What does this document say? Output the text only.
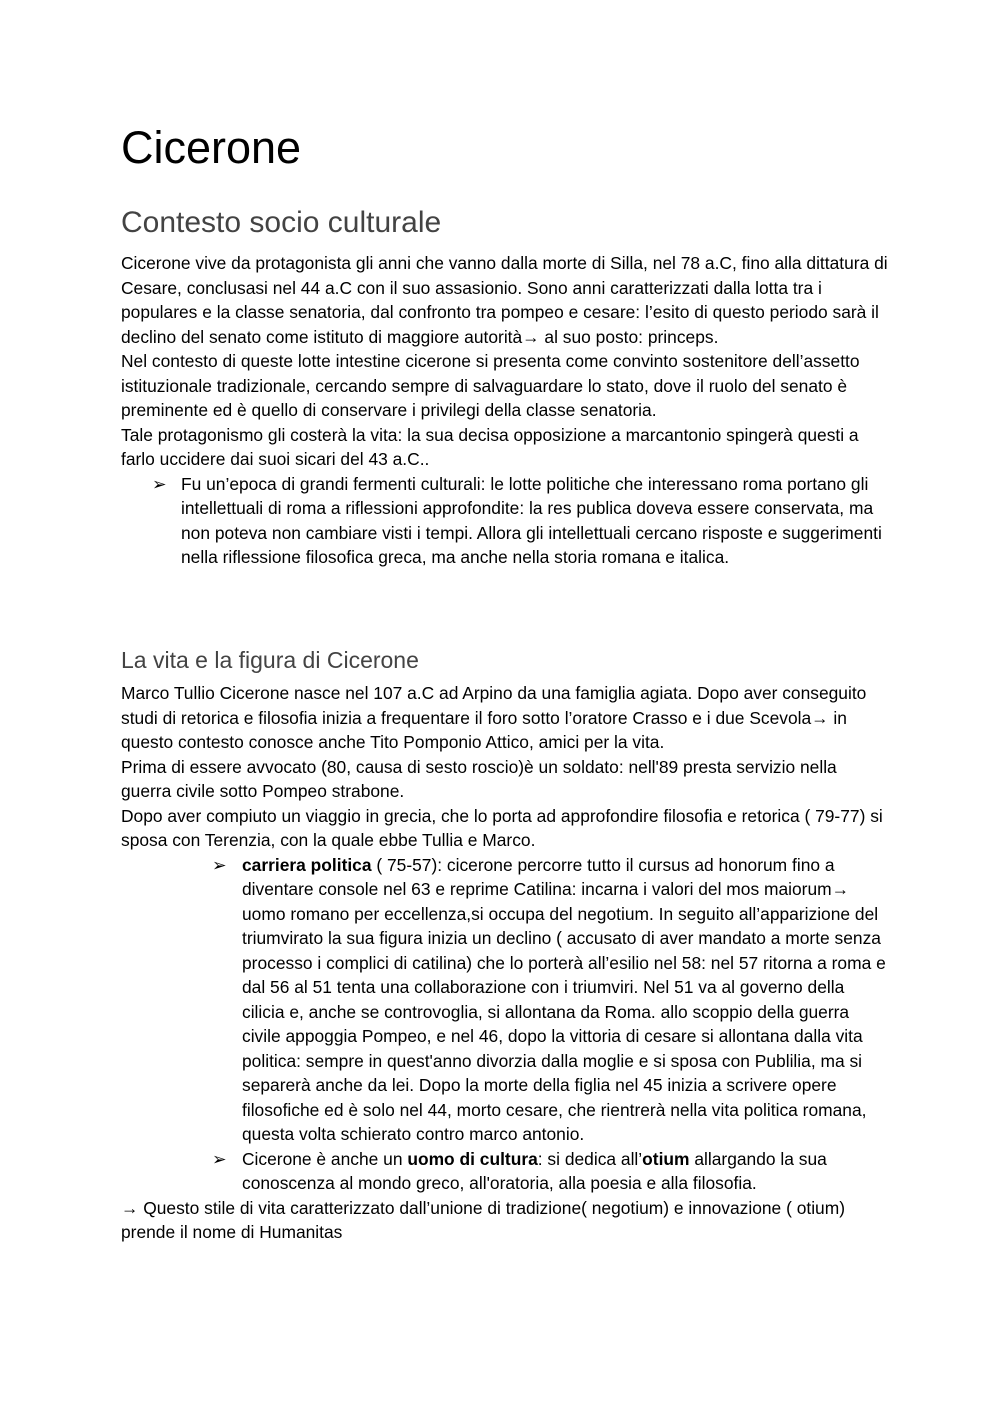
Cicerone
Contesto socio culturale

Cicerone vive da protagonista gli anni che vanno dalla morte di Silla, nel 78 a.C, fino alla dittatura di Cesare, conclusasi nel 44 a.C con il suo assasionio. Sono anni caratterizzati dalla lotta tra i populares e la classe senatoria, dal confronto tra pompeo e cesare: l’esito di questo periodo sarà il declino del senato come istituto di maggiore autorità→ al suo posto: princeps.

Nel contesto di queste lotte intestine cicerone si presenta come convinto sostenitore dell’assetto istituzionale tradizionale, cercando sempre di salvaguardare lo stato, dove il ruolo del senato è preminente ed è quello di conservare i privilegi della classe senatoria.

Tale protagonismo gli costerà la vita: la sua decisa opposizione a marcantonio spingerà questi a farlo uccidere dai suoi sicari del 43 a.C..

➢ Fu un’epoca di grandi fermenti culturali: le lotte politiche che interessano roma portano gli intellettuali di roma a riflessioni approfondite: la res publica doveva essere conservata, ma non poteva non cambiare visti i tempi. Allora gli intellettuali cercano risposte e suggerimenti nella riflessione filosofica greca, ma anche nella storia romana e italica.
La vita e la figura di Cicerone

Marco Tullio Cicerone nasce nel 107 a.C ad Arpino da una famiglia agiata. Dopo aver conseguito studi di retorica e filosofia inizia a frequentare il foro sotto l’oratore Crasso e i due Scevola→ in questo contesto conosce anche Tito Pomponio Attico, amici per la vita.

Prima di essere avvocato (80, causa di sesto roscio)è un soldato: nell'89 presta servizio nella guerra civile sotto Pompeo strabone.

Dopo aver compiuto un viaggio in grecia, che lo porta ad approfondire filosofia e retorica ( 79-77) si sposa con Terenzia, con la quale ebbe Tullia e Marco.

➢ carriera politica ( 75-57): cicerone percorre tutto il cursus ad honorum fino a diventare console nel 63 e reprime Catilina: incarna i valori del mos maiorum→ uomo romano per eccellenza,si occupa del negotium. In seguito all’apparizione del triumvirato la sua figura inizia un declino ( accusato di aver mandato a morte senza processo i complici di catilina) che lo porterà all’esilio nel 58: nel 57 ritorna a roma e dal 56 al 51 tenta una collaborazione con i triumviri. Nel 51 va al governo della cilicia e, anche se controvoglia, si allontana da Roma. allo scoppio della guerra civile appoggia Pompeo, e nel 46, dopo la vittoria di cesare si allontana dalla vita politica: sempre in quest'anno divorzia dalla moglie e si sposa con Publilia, ma si separerà anche da lei. Dopo la morte della figlia nel 45 inizia a scrivere opere filosofiche ed è solo nel 44, morto cesare, che rientrerà nella vita politica romana, questa volta schierato contro marco antonio.
➢ Cicerone è anche un uomo di cultura: si dedica all’otium allargando la sua conoscenza al mondo greco, all'oratoria, alla poesia e alla filosofia.

→ Questo stile di vita caratterizzato dall’unione di tradizione( negotium) e innovazione ( otium) prende il nome di Humanitas
